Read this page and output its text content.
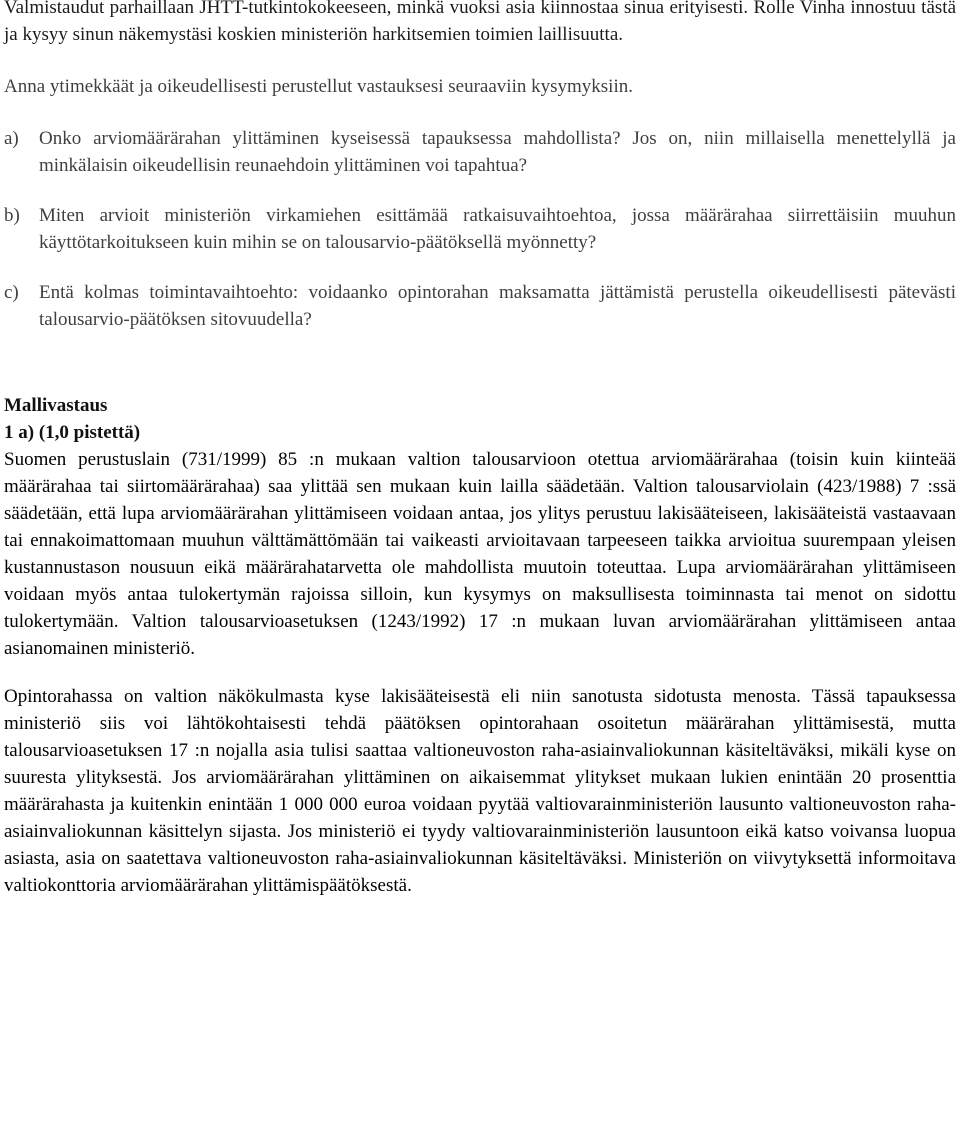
Valmistaudut parhaillaan JHTT-tutkintokokeeseen, minkä vuoksi asia kiinnostaa sinua erityisesti. Rolle Vinha innostuu tästä ja kysyy sinun näkemystäsi koskien ministeriön harkitsemien toimien laillisuutta.

Anna ytimekkäät ja oikeudellisesti perustellut vastauksesi seuraaviin kysymyksiin.

a) Onko arviomäärärahan ylittäminen kyseisessä tapauksessa mahdollista? Jos on, niin millaisella menettelyllä ja minkälaisin oikeudellisin reunaehdoin ylittäminen voi tapahtua?

b) Miten arvioit ministeriön virkamiehen esittämää ratkaisuvaihtoehtoa, jossa määrärahaa siirrettäisiin muuhun käyttötarkoitukseen kuin mihin se on talousarvio-päätöksellä myönnetty?

c) Entä kolmas toimintavaihtoehto: voidaanko opintorahan maksamatta jättämistä perustella oikeudellisesti pätevästi talousarvio-päätöksen sitovuudella?

Mallivastaus

1 a) (1,0 pistettä)

Suomen perustuslain (731/1999) 85 :n mukaan valtion talousarvioon otettua arviomäärärahaa (toisin kuin kiinteää määrärahaa tai siirtomäärärahaa) saa ylittää sen mukaan kuin lailla säädetään. Valtion talousarviolain (423/1988) 7 :ssä säädetään, että lupa arviomäärärahan ylittämiseen voidaan antaa, jos ylitys perustuu lakisääteiseen, lakisääteistä vastaavaan tai ennakoimattomaan muuhun välttämättömään tai vaikeasti arvioitavaan tarpeeseen taikka arvioitua suurempaan yleisen kustannustason nousuun eikä määrärahatarvetta ole mahdollista muutoin toteuttaa. Lupa arviomäärärahan ylittämiseen voidaan myös antaa tulokertymän rajoissa silloin, kun kysymys on maksullisesta toiminnasta tai menot on sidottu tulokertymään. Valtion talousarvioasetuksen (1243/1992) 17 :n mukaan luvan arviomäärärahan ylittämiseen antaa asianomainen ministeriö.

Opintorahassa on valtion näkökulmasta kyse lakisääteisestä eli niin sanotusta sidotusta menosta. Tässä tapauksessa ministeriö siis voi lähtökohtaisesti tehdä päätöksen opintorahaan osoitetun määrärahan ylittämisestä, mutta talousarvioasetuksen 17 :n nojalla asia tulisi saattaa valtioneuvoston raha-asiainvaliokunnan käsiteltäväksi, mikäli kyse on suuresta ylityksestä. Jos arviomäärärahan ylittäminen on aikaisemmat ylitykset mukaan lukien enintään 20 prosenttia määrärahasta ja kuitenkin enintään 1 000 000 euroa voidaan pyytää valtiovarainministeriön lausunto valtioneuvoston raha-asiainvaliokunnan käsittelyn sijasta. Jos ministeriö ei tyydy valtiovarainministeriön lausuntoon eikä katso voivansa luopua asiasta, asia on saatettava valtioneuvoston raha-asiainvaliokunnan käsiteltäväksi. Ministeriön on viivytyksettä informoitava valtiokonttoria arviomäärärahan ylittämispäätöksestä.
